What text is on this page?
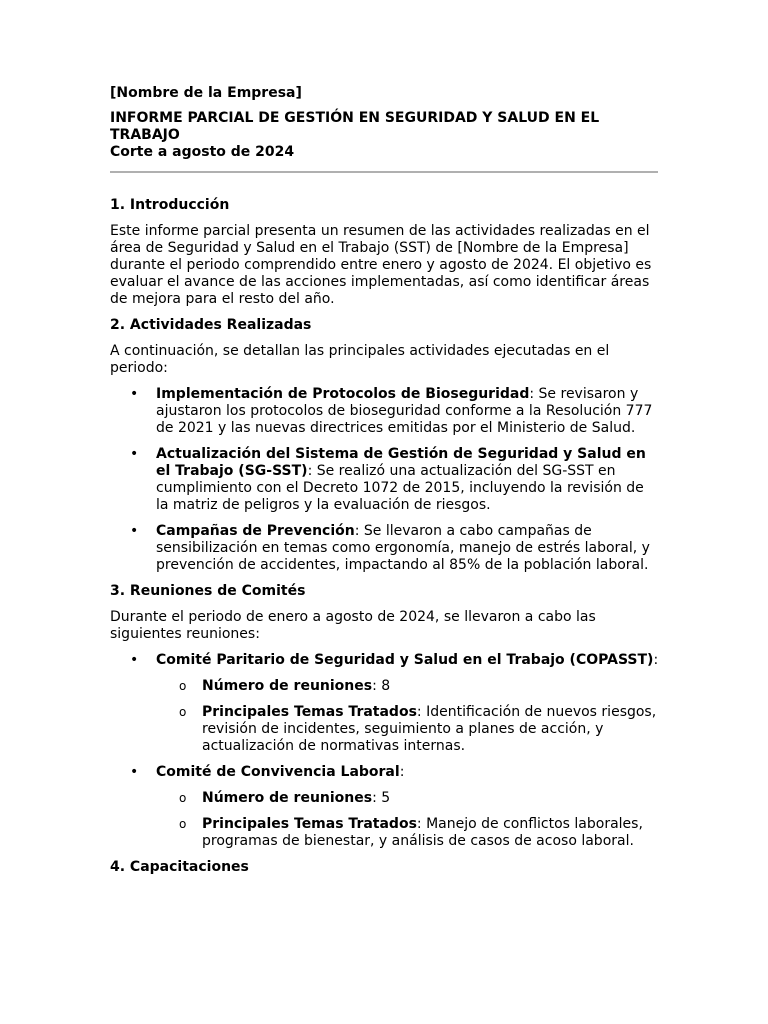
[Nombre de la Empresa]
INFORME PARCIAL DE GESTIÓN EN SEGURIDAD Y SALUD EN EL TRABAJO
Corte a agosto de 2024
1. Introducción

Este informe parcial presenta un resumen de las actividades realizadas en el área de Seguridad y Salud en el Trabajo (SST) de [Nombre de la Empresa] durante el periodo comprendido entre enero y agosto de 2024. El objetivo es evaluar el avance de las acciones implementadas, así como identificar áreas de mejora para el resto del año.

2. Actividades Realizadas

A continuación, se detallan las principales actividades ejecutadas en el periodo:

• Implementación de Protocolos de Bioseguridad: Se revisaron y ajustaron los protocolos de bioseguridad conforme a la Resolución 777 de 2021 y las nuevas directrices emitidas por el Ministerio de Salud.
• Actualización del Sistema de Gestión de Seguridad y Salud en el Trabajo (SG-SST): Se realizó una actualización del SG-SST en cumplimiento con el Decreto 1072 de 2015, incluyendo la revisión de la matriz de peligros y la evaluación de riesgos.
• Campañas de Prevención: Se llevaron a cabo campañas de sensibilización en temas como ergonomía, manejo de estrés laboral, y prevención de accidentes, impactando al 85% de la población laboral.
3. Reuniones de Comités

Durante el periodo de enero a agosto de 2024, se llevaron a cabo las siguientes reuniones:

• Comité Paritario de Seguridad y Salud en el Trabajo (COPASST):
o Número de reuniones: 8
o Principales Temas Tratados: Identificación de nuevos riesgos, revisión de incidentes, seguimiento a planes de acción, y actualización de normativas internas.
• Comité de Convivencia Laboral:
o Número de reuniones: 5
o Principales Temas Tratados: Manejo de conflictos laborales, programas de bienestar, y análisis de casos de acoso laboral.
4. Capacitaciones
